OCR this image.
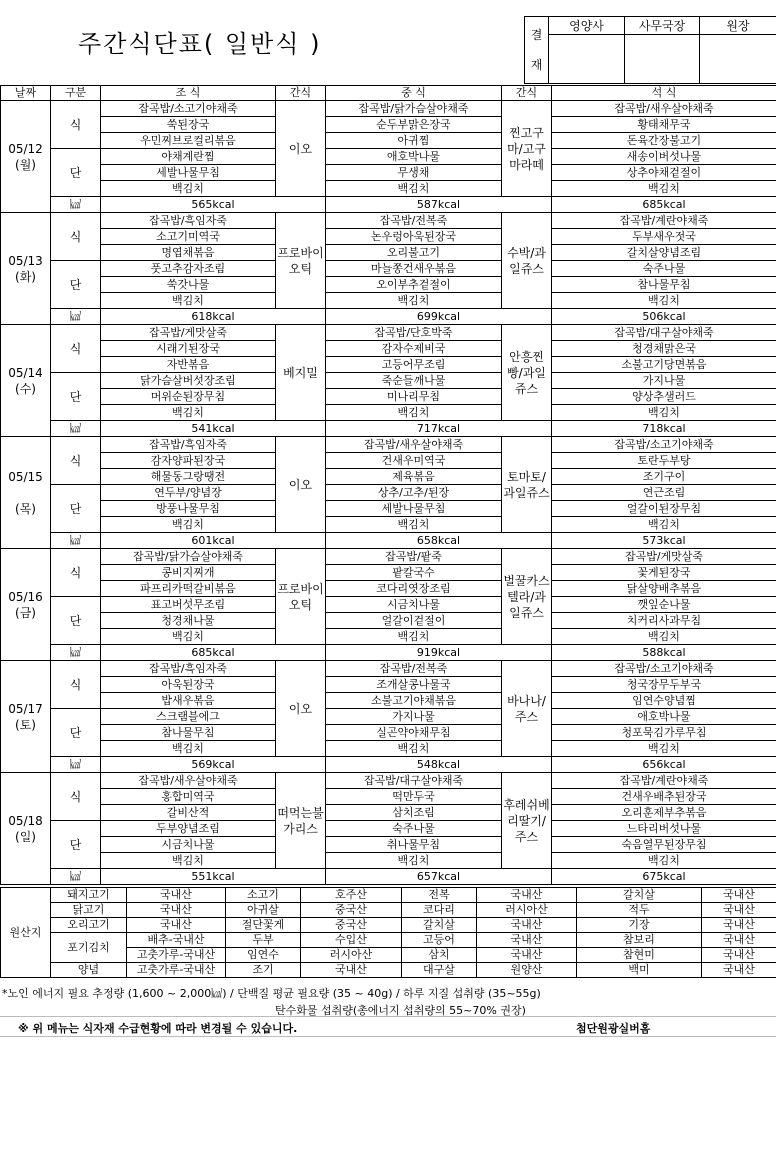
주간식단표( 일반식 )	결 재	영양사	사무국장	원장

날짜	구분	조 식	간식	중 식	간식	석 식
05/12
(월)	식	잡곡밥/소고기야채죽	이오	잡곡밥/닭가슴살야채죽	찐고구마/고구마라떼	잡곡밥/새우살야채죽
		쑥된장국		순두부맑은장국		황태채무국
		우민찌브로컬리볶음		아귀찜		돈육간장불고기
	단	야채계란찜		애호박나물		새송이버섯나물
		세발나물무침		무생채		상추야채겉절이
		백김치		백김치		백김치
	㎉	565kcal		587kcal		685kcal
05/13
(화)	식	잡곡밥/흑임자죽	프로바이오틱	잡곡밥/전복죽	수박/과일쥬스	잡곡밥/계란야채죽
		소고기미역국		논우렁아욱된장국		두부새우젓국
		명엽채볶음		오리불고기		갈치살양념조림
	단	풋고추감자조림		마늘쫑건새우볶음		숙주나물
		쑥갓나물		오이부추겉절이		참나물무침
		백김치		백김치		백김치
	㎉	618kcal		699kcal		506kcal
05/14
(수)	식	잡곡밥/게맛살죽	베지밀	잡곡밥/단호박죽	안흥찐빵/과일쥬스	잡곡밥/대구살야채죽
		시래기된장국		감자수제비국		청경채맑은국
		자반볶음		고등어무조림		소불고기당면볶음
	단	닭가슴살버섯장조림		죽순들깨나물		가지나물
		머위순된장무침		미나리무침		양상추샐러드
		백김치		백김치		백김치
	㎉	541kcal		717kcal		718kcal
05/15

(목)	식	잡곡밥/흑임자죽	이오	잡곡밥/새우살야채죽	토마토/과일쥬스	잡곡밥/소고기야채죽
		감자양파된장국		건새우미역국		토란두부탕
		해물동그랑땡전		제육볶음		조기구이
	단	연두부/양념장		상추/고추/된장		연근조림
		방풍나물무침		세발나물무침		얼갈이된장무침
		백김치		백김치		백김치
	㎉	601kcal		658kcal		573kcal
05/16
(금)	식	잡곡밥/닭가슴살야채죽	프로바이오틱	잡곡밥/팥죽	벌꿀카스텔라/과일쥬스	잡곡밥/게맛살죽
		콩비지찌개		팥칼국수		꽃게된장국
		파프리카떡갈비볶음		코다리엿장조림		닭살양배추볶음
	단	표고버섯무조림		시금치나물		깻잎순나물
		청경채나물		얼갈이겉절이		치커리사과무침
		백김치		백김치		백김치
	㎉	685kcal		919kcal		588kcal
05/17
(토)	식	잡곡밥/흑임자죽	이오	잡곡밥/전복죽	바나나/주스	잡곡밥/소고기야채죽
		아욱된장국		조개살콩나물국		청국장무두부국
		밥새우볶음		소불고기야채볶음		임연수양념찜
	단	스크램블에그		가지나물		애호박나물
		참나물무침		실곤약야채무침		청포묵김가루무침
		백김치		백김치		백김치
	㎉	569kcal		548kcal		656kcal
05/18
(일)	식	잡곡밥/새우살야채죽	떠먹는불가리스	잡곡밥/대구살야채죽	후레쉬베리딸기/주스	잡곡밥/계란야채죽
		홍합미역국		떡만두국		건새우배추된장국
		갈비산적		삼치조림		오리훈제부추볶음
	단	두부양념조림		숙주나물		느타리버섯나물
		시금치나물		취나물무침		숙음열무된장무침
		백김치		백김치		백김치
	㎉	551kcal		657kcal		675kcal
원산지	돼지고기	국내산	소고기	호주산	전복	국내산	갈치살	국내산
	닭고기	국내산	아귀살	중국산	코다리	러시아산	적두	국내산
	오리고기	국내산	절단꽃게	중국산	갈치살	국내산	기장	국내산
	포기김치	배추-국내산	두부	수입산	고등어	국내산	참보리	국내산
		고춧가루-국내산	임연수	러시아산	삼치	국내산	참현미	국내산
	양념	고춧가루-국내산	조기	국내산	대구살	원양산	백미	국내산
*노인 에너지 필요 추정량 (1,600 ~ 2,000㎉) / 단백질 평균 필요량 (35 ~ 40g) / 하루 지질 섭취량 (35~55g)
탄수화물 섭취량(총에너지 섭취량의 55~70% 권장)
※ 위 메뉴는 식자재 수급현황에 따라 변경될 수 있습니다.	첨단원광실버홈
